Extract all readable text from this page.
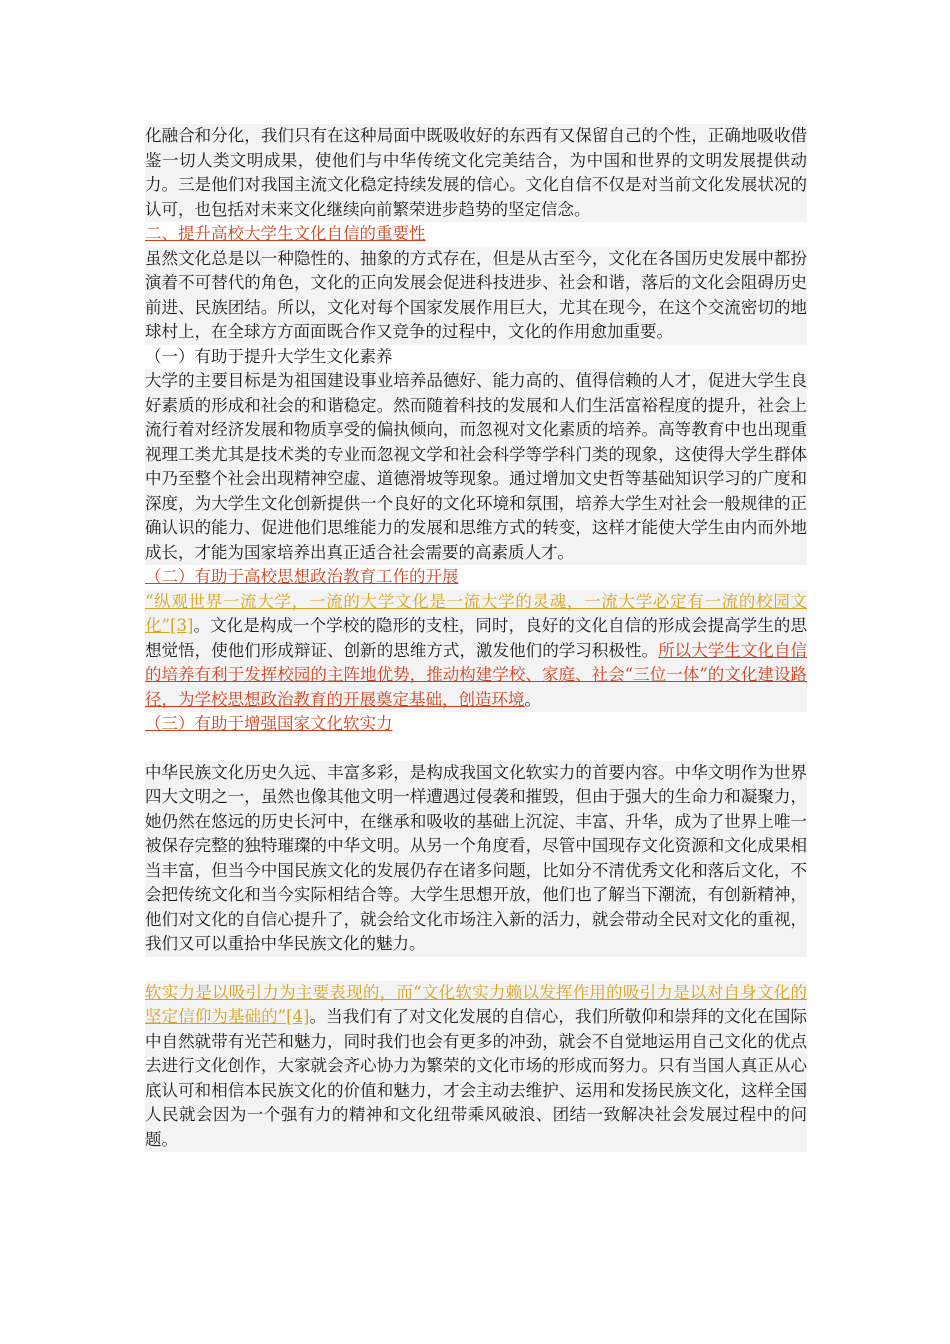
化融合和分化，我们只有在这种局面中既吸收好的东西有又保留自己的个性，正确地吸收借鉴一切人类文明成果，使他们与中华传统文化完美结合，为中国和世界的文明发展提供动力。三是他们对我国主流文化稳定持续发展的信心。文化自信不仅是对当前文化发展状况的认可，也包括对未来文化继续向前繁荣进步趋势的坚定信念。

二、提升高校大学生文化自信的重要性

虽然文化总是以一种隐性的、抽象的方式存在，但是从古至今，文化在各国历史发展中都扮演着不可替代的角色，文化的正向发展会促进科技进步、社会和谐，落后的文化会阻碍历史前进、民族团结。所以，文化对每个国家发展作用巨大，尤其在现今，在这个交流密切的地球村上，在全球方方面面既合作又竞争的过程中，文化的作用愈加重要。

（一）有助于提升大学生文化素养

大学的主要目标是为祖国建设事业培养品德好、能力高的、值得信赖的人才，促进大学生良好素质的形成和社会的和谐稳定。然而随着科技的发展和人们生活富裕程度的提升，社会上流行着对经济发展和物质享受的偏执倾向，而忽视对文化素质的培养。高等教育中也出现重视理工类尤其是技术类的专业而忽视文学和社会科学等学科门类的现象，这使得大学生群体中乃至整个社会出现精神空虚、道德滑坡等现象。通过增加文史哲等基础知识学习的广度和深度，为大学生文化创新提供一个良好的文化环境和氛围，培养大学生对社会一般规律的正确认识的能力、促进他们思维能力的发展和思维方式的转变，这样才能使大学生由内而外地成长，才能为国家培养出真正适合社会需要的高素质人才。

（二）有助于高校思想政治教育工作的开展

“纵观世界一流大学，一流的大学文化是一流大学的灵魂，一流大学必定有一流的校园文化”[3]。文化是构成一个学校的隐形的支柱，同时，良好的文化自信的形成会提高学生的思想觉悟，使他们形成辩证、创新的思维方式，激发他们的学习积极性。所以大学生文化自信的培养有利于发挥校园的主阵地优势，推动构建学校、家庭、社会“三位一体”的文化建设路径，为学校思想政治教育的开展奠定基础，创造环境。

（三）有助于增强国家文化软实力

中华民族文化历史久远、丰富多彩，是构成我国文化软实力的首要内容。中华文明作为世界四大文明之一，虽然也像其他文明一样遭遇过侵袭和摧毁，但由于强大的生命力和凝聚力，她仍然在悠远的历史长河中，在继承和吸收的基础上沉淀、丰富、升华，成为了世界上唯一被保存完整的独特璀璨的中华文明。从另一个角度看，尽管中国现存文化资源和文化成果相当丰富，但当今中国民族文化的发展仍存在诸多问题，比如分不清优秀文化和落后文化，不会把传统文化和当今实际相结合等。大学生思想开放，他们也了解当下潮流，有创新精神，他们对文化的自信心提升了，就会给文化市场注入新的活力，就会带动全民对文化的重视，我们又可以重拾中华民族文化的魅力。

软实力是以吸引力为主要表现的，而“文化软实力赖以发挥作用的吸引力是以对自身文化的坚定信仰为基础的”[4]。当我们有了对文化发展的自信心，我们所敬仰和崇拜的文化在国际中自然就带有光芒和魅力，同时我们也会有更多的冲劲，就会不自觉地运用自己文化的优点去进行文化创作，大家就会齐心协力为繁荣的文化市场的形成而努力。只有当国人真正从心底认可和相信本民族文化的价值和魅力，才会主动去维护、运用和发扬民族文化，这样全国人民就会因为一个强有力的精神和文化纽带乘风破浪、团结一致解决社会发展过程中的问题。
